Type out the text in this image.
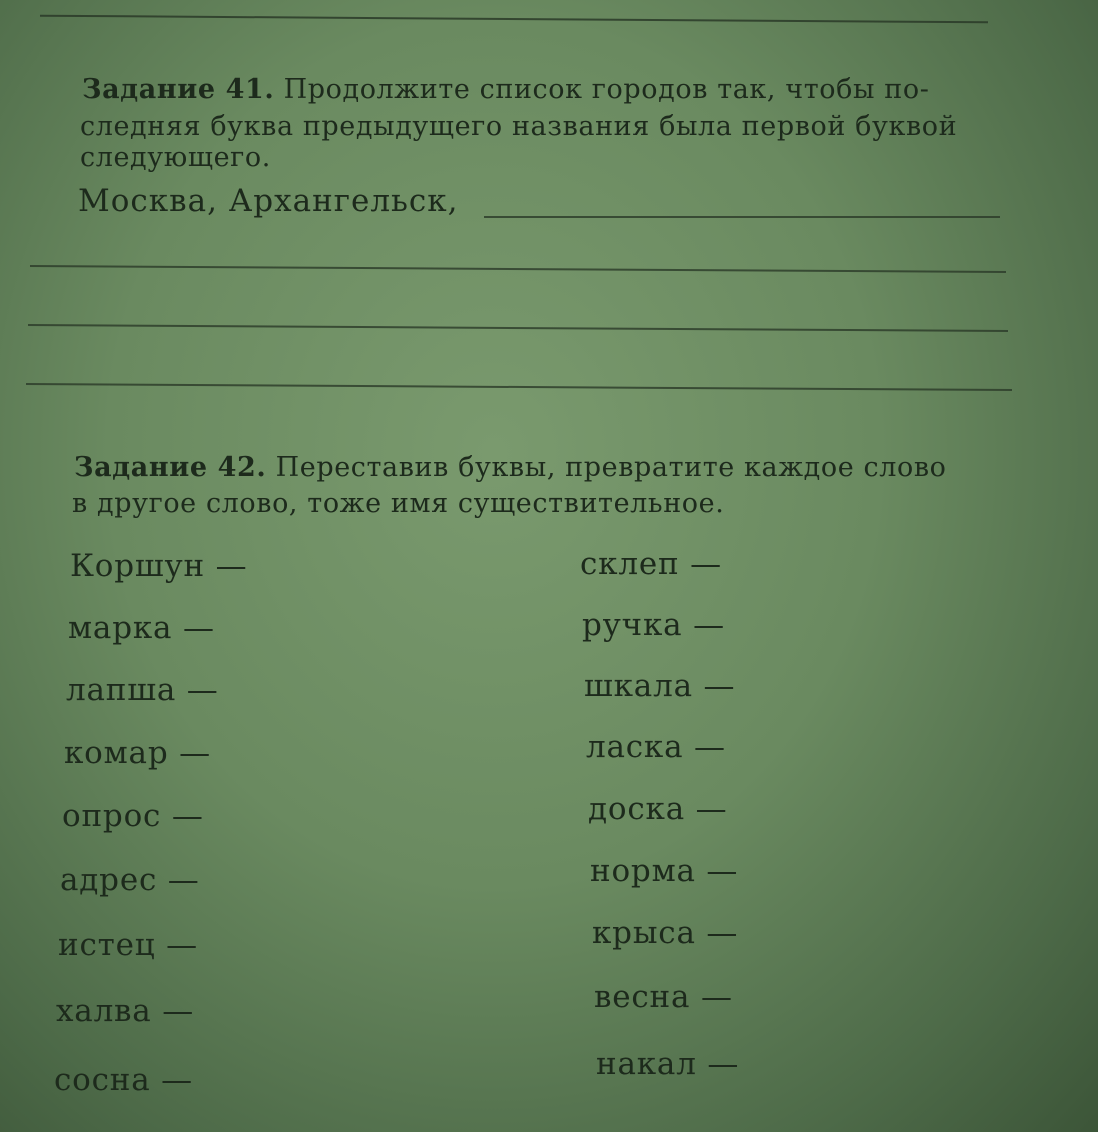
Задание 41. Продолжите список городов так, чтобы по-
следняя буква предыдущего названия была первой буквой
следующего.
Москва, Архангельск,
Задание 42. Переставив буквы, превратите каждое слово
в другое слово, тоже имя существительное.
Коршун —
марка —
лапша —
комар —
опрос —
адрес —
истец —
халва —
сосна —
склеп —
ручка —
шкала —
ласка —
доска —
норма —
крыса —
весна —
накал —
